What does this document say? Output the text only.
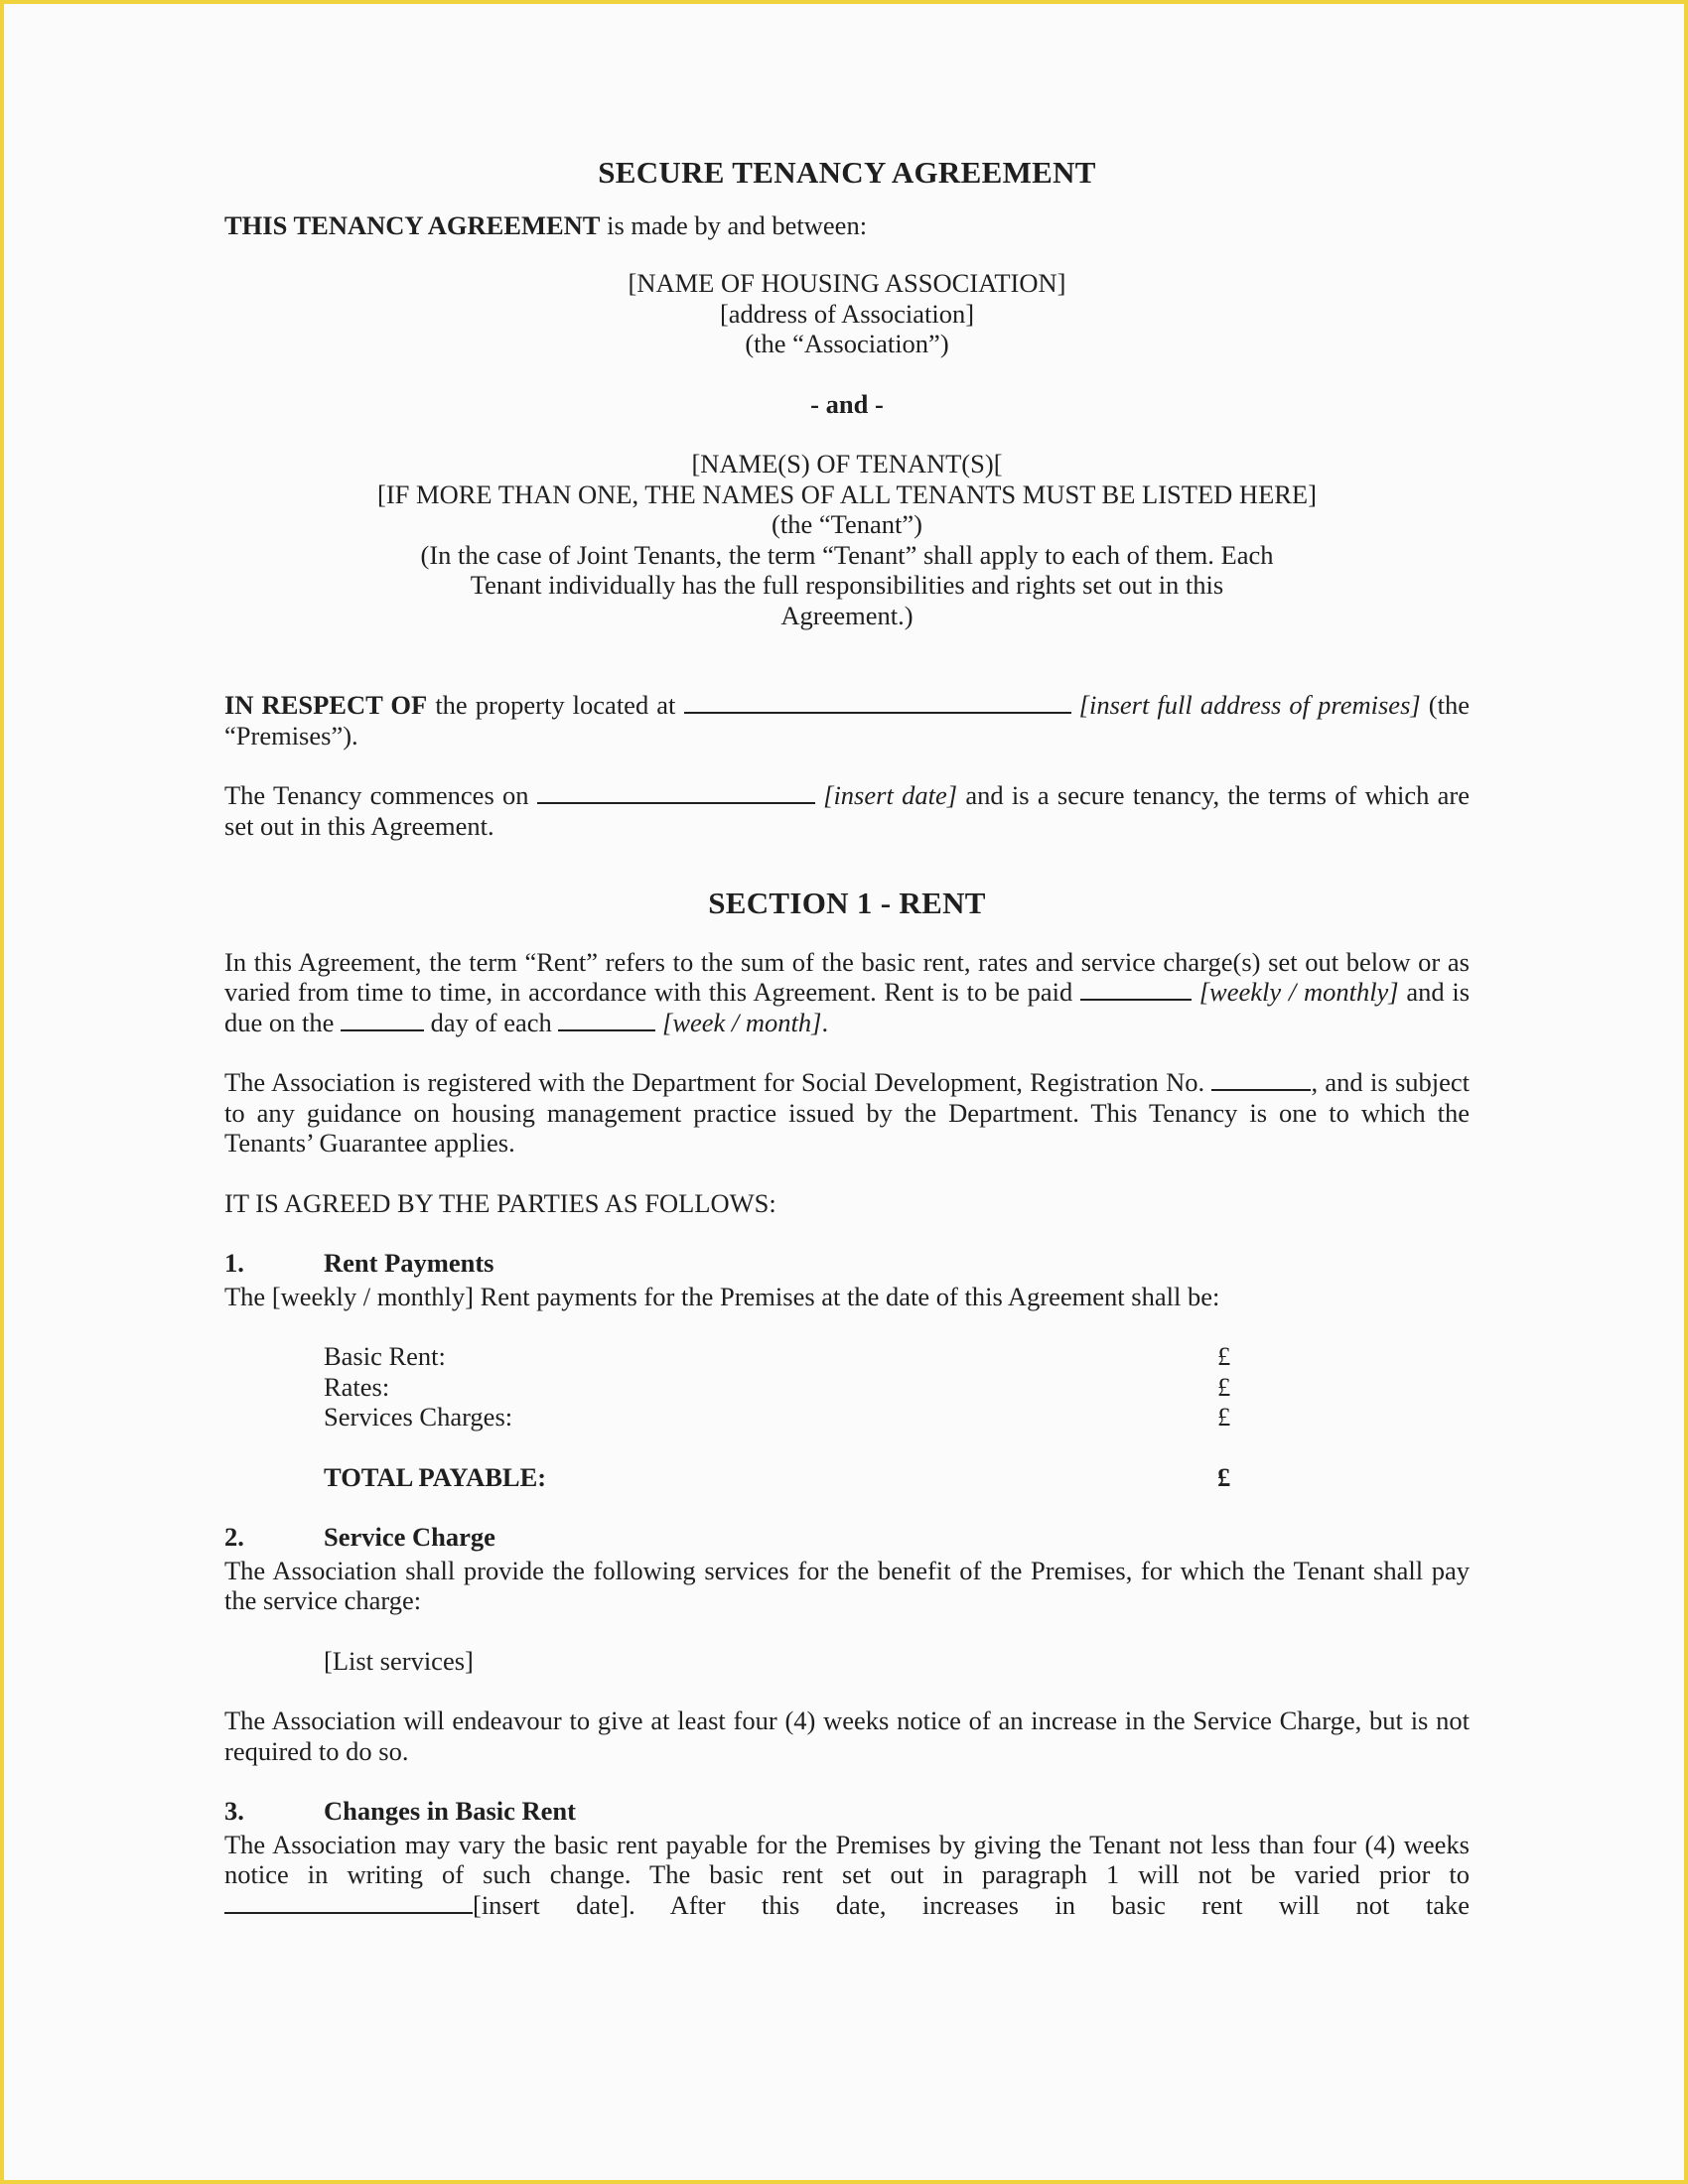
SECURE TENANCY AGREEMENT

THIS TENANCY AGREEMENT is made by and between:

[NAME OF HOUSING ASSOCIATION]
[address of Association]
(the “Association”)
- and -
[NAME(S) OF TENANT(S)[
[IF MORE THAN ONE, THE NAMES OF ALL TENANTS MUST BE LISTED HERE]
(the “Tenant”)
(In the case of Joint Tenants, the term “Tenant” shall apply to each of them. Each
Tenant individually has the full responsibilities and rights set out in this
Agreement.)

IN RESPECT OF the property located at	[insert full address of premises] (the “Premises”).

The Tenancy commences on	[insert date] and is a secure tenancy, the terms of which are set out in this Agreement.

SECTION 1 - RENT

In this Agreement, the term “Rent” refers to the sum of the basic rent, rates and service charge(s) set out below or as varied from time to time, in accordance with this Agreement. Rent is to be paid	[weekly / monthly] and is due on the	day of each	[week / month].

The Association is registered with the Department for Social Development, Registration No.	, and is subject to any guidance on housing management practice issued by the Department. This Tenancy is one to which the Tenants’ Guarantee applies.

IT IS AGREED BY THE PARTIES AS FOLLOWS:

1.	Rent Payments

The [weekly / monthly] Rent payments for the Premises at the date of this Agreement shall be:

Basic Rent:	£
Rates:	£
Services Charges:	£
TOTAL PAYABLE:	£
2.	Service Charge

The Association shall provide the following services for the benefit of the Premises, for which the Tenant shall pay the service charge:

[List services]

The Association will endeavour to give at least four (4) weeks notice of an increase in the Service Charge, but is not required to do so.

3.	Changes in Basic Rent

The Association may vary the basic rent payable for the Premises by giving the Tenant not less than four (4) weeks notice in writing of such change. The basic rent set out in paragraph 1 will not be varied prior to [insert date]. After this date, increases in basic rent will not take
